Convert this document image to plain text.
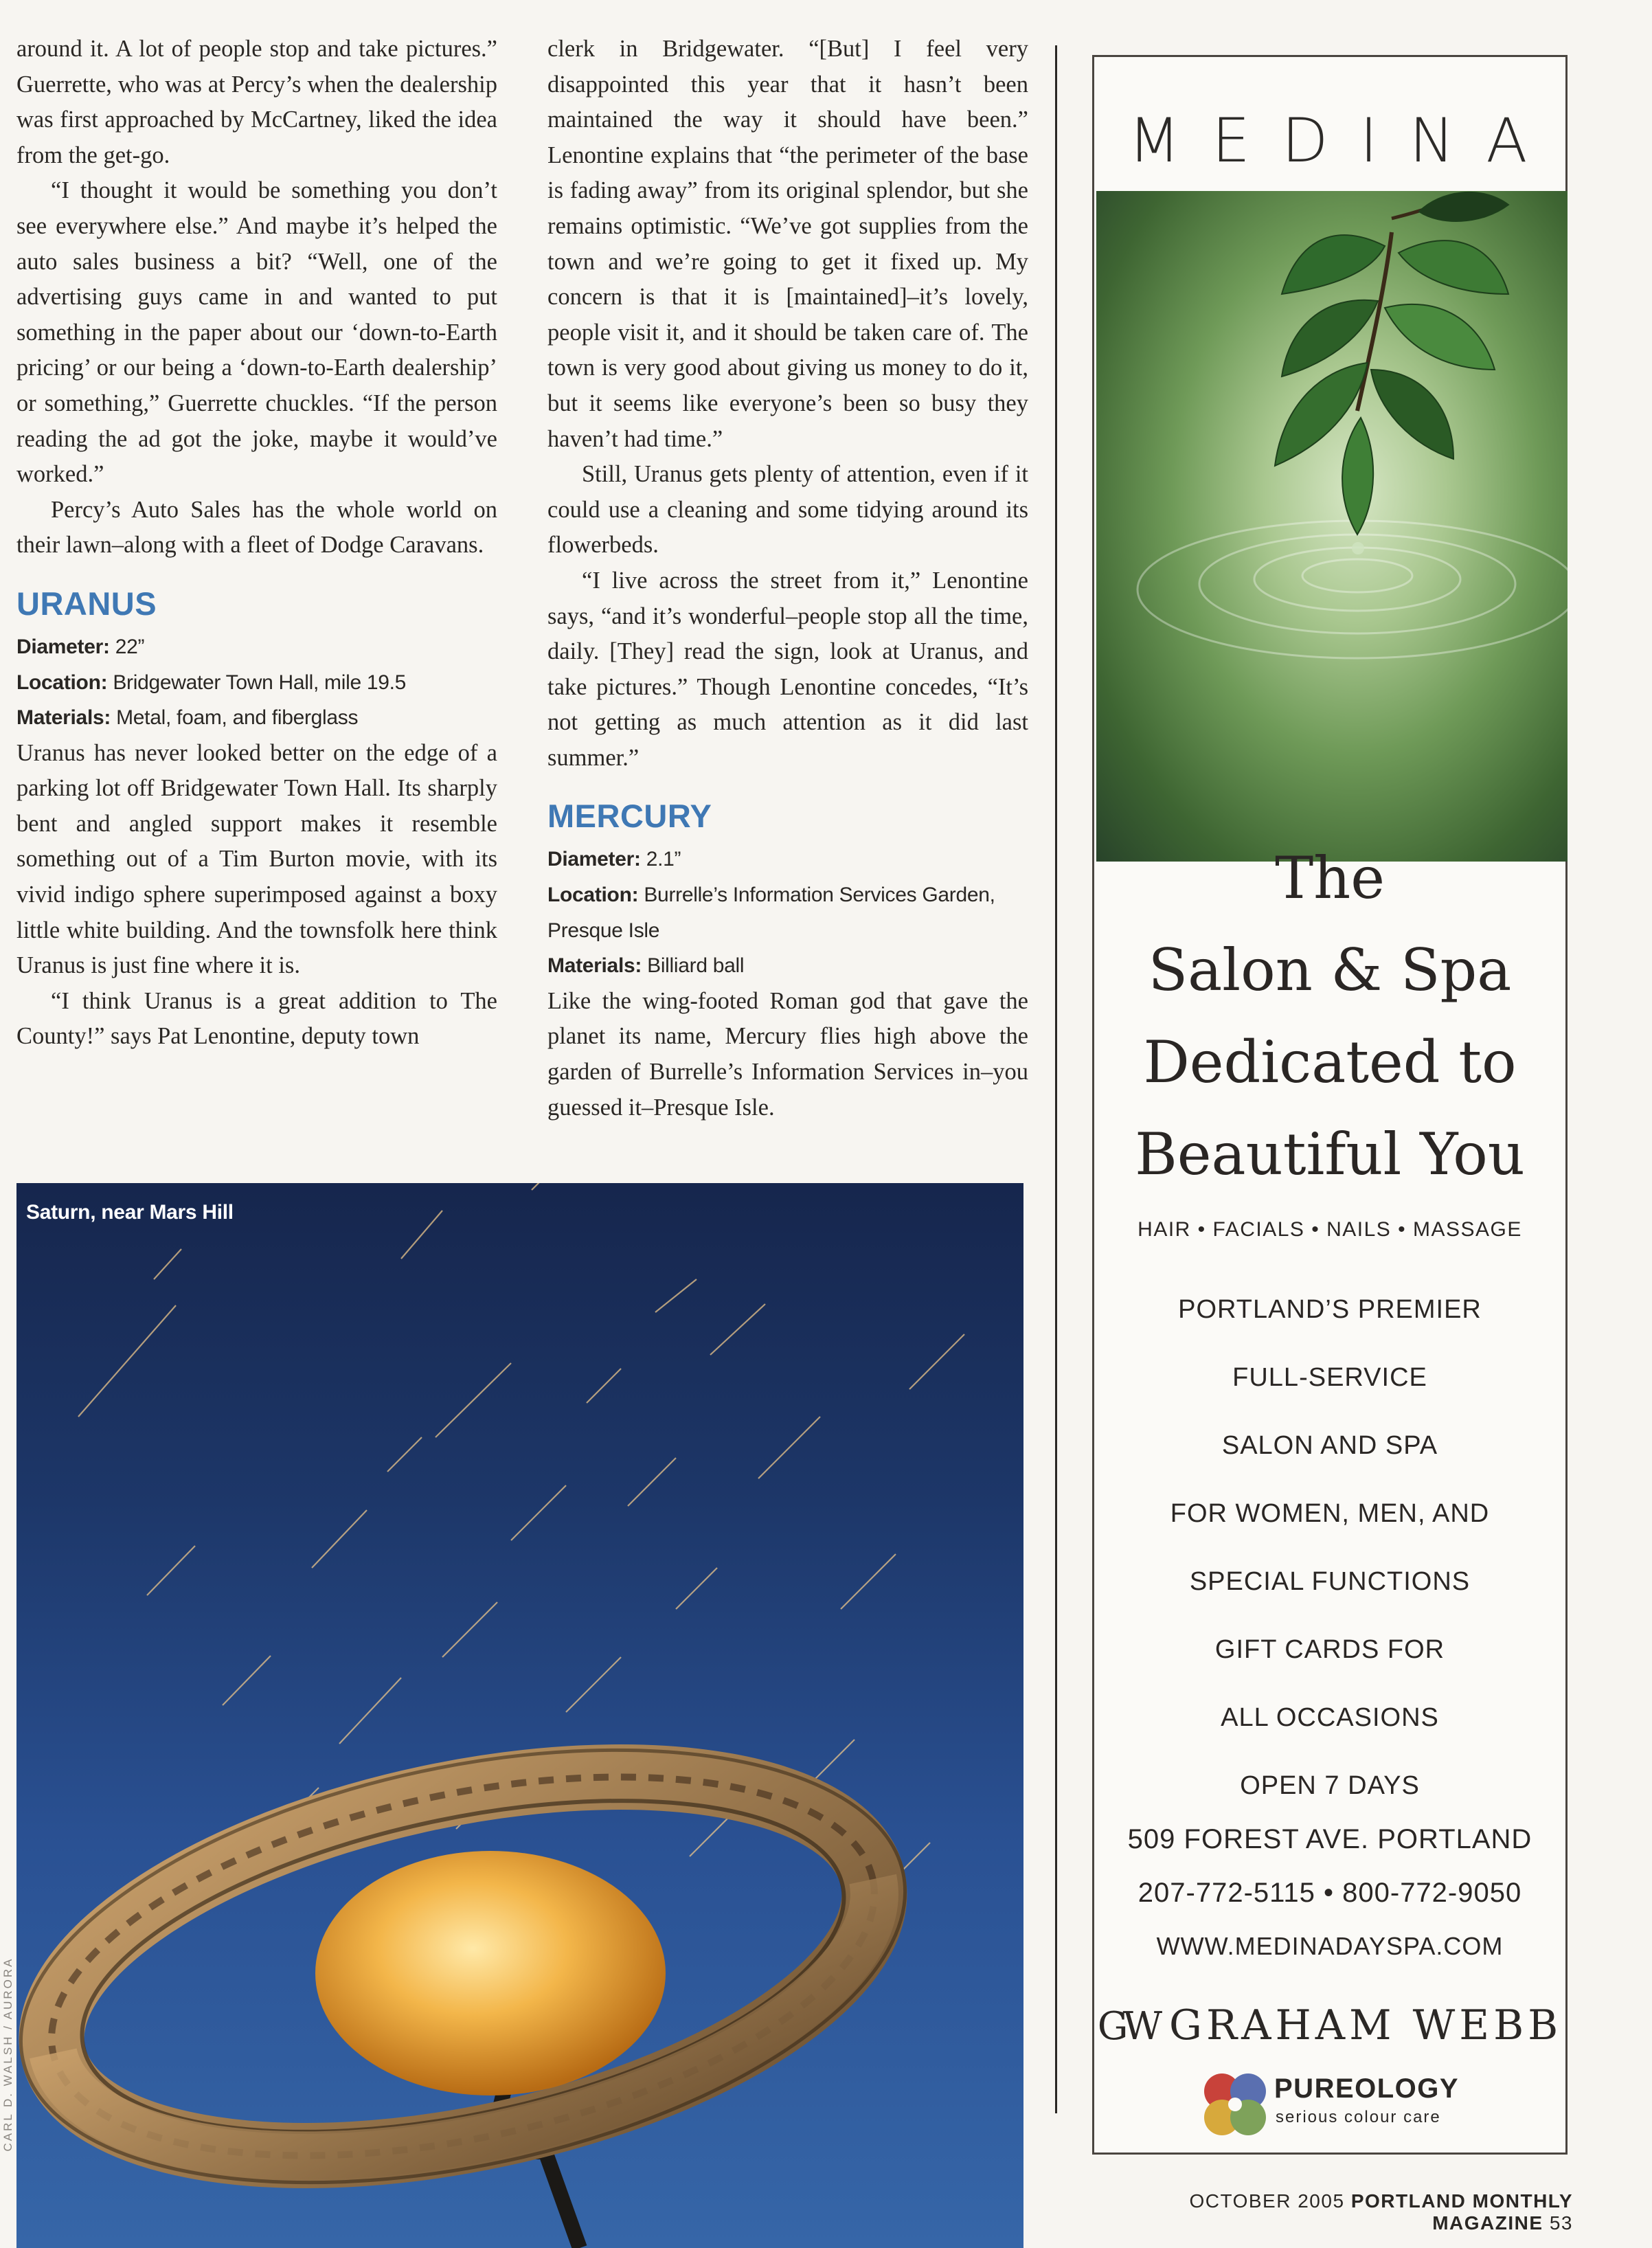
around it. A lot of people stop and take pictures.” Guerrette, who was at Percy’s when the dealership was first approached by McCartney, liked the idea from the get-go.

“I thought it would be something you don’t see everywhere else.” And maybe it’s helped the auto sales business a bit? “Well, one of the advertising guys came in and wanted to put something in the paper about our ‘down-to-Earth pricing’ or our being a ‘down-to-Earth dealership’ or something,” Guerrette chuckles. “If the person reading the ad got the joke, maybe it would’ve worked.”

Percy’s Auto Sales has the whole world on their lawn–along with a fleet of Dodge Caravans.

URANUS
Diameter: 22”
Location: Bridgewater Town Hall, mile 19.5
Materials: Metal, foam, and fiberglass

Uranus has never looked better on the edge of a parking lot off Bridgewater Town Hall. Its sharply bent and angled support makes it resemble something out of a Tim Burton movie, with its vivid indigo sphere superimposed against a boxy little white building. And the townsfolk here think Uranus is just fine where it is.

“I think Uranus is a great addition to The County!” says Pat Lenontine, deputy town

clerk in Bridgewater. “[But] I feel very disappointed this year that it hasn’t been maintained the way it should have been.” Lenontine explains that “the perimeter of the base is fading away” from its original splendor, but she remains optimistic. “We’ve got supplies from the town and we’re going to get it fixed up. My concern is that it is [maintained]–it’s lovely, people visit it, and it should be taken care of. The town is very good about giving us money to do it, but it seems like everyone’s been so busy they haven’t had time.”

Still, Uranus gets plenty of attention, even if it could use a cleaning and some tidying around its flowerbeds.

“I live across the street from it,” Lenontine says, “and it’s wonderful–people stop all the time, daily. [They] read the sign, look at Uranus, and take pictures.” Though Lenontine concedes, “It’s not getting as much attention as it did last summer.”

MERCURY
Diameter: 2.1”
Location: Burrelle’s Information Services Garden, Presque Isle
Materials: Billiard ball

Like the wing-footed Roman god that gave the planet its name, Mercury flies high above the garden of Burrelle’s Information Services in–you guessed it–Presque Isle.

Saturn, near Mars Hill
CARL D. WALSH / AURORA
MEDINA
The
Salon & Spa
Dedicated to
Beautiful You
HAIR • FACIALS • NAILS • MASSAGE
PORTLAND’S PREMIER
FULL-SERVICE
SALON AND SPA
FOR WOMEN, MEN, AND
SPECIAL FUNCTIONS
GIFT CARDS FOR
ALL OCCASIONS
OPEN 7 DAYS
509 FOREST AVE. PORTLAND
207-772-5115 • 800-772-9050
WWW.MEDINADAYSPA.COM
GW GRAHAM WEBB
PUREOLOGY
serious colour care
OCTOBER 2005 PORTLAND MONTHLY MAGAZINE 53
